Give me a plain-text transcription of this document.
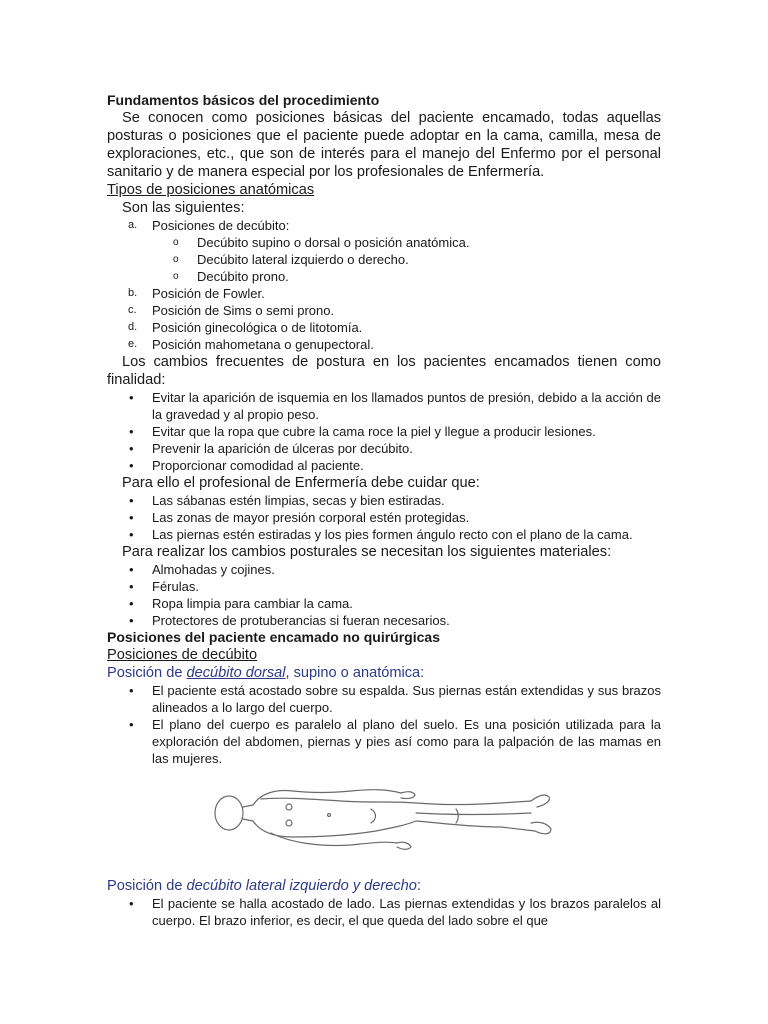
Fundamentos básicos del procedimiento

Se conocen como posiciones básicas del paciente encamado, todas aquellas posturas o posiciones que el paciente puede adoptar en la cama, camilla, mesa de exploraciones, etc., que son de interés para el manejo del Enfermo por el personal sanitario y de manera especial por los profesionales de Enfermería.

Tipos de posiciones anatómicas

Son las siguientes:

a. Posiciones de decúbito:
o Decúbito supino o dorsal o posición anatómica.
o Decúbito lateral izquierdo o derecho.
o Decúbito prono.
b. Posición de Fowler.
c. Posición de Sims o semi prono.
d. Posición ginecológica o de litotomía.
e. Posición mahometana o genupectoral.

Los cambios frecuentes de postura en los pacientes encamados tienen como finalidad:

• Evitar la aparición de isquemia en los llamados puntos de presión, debido a la acción de la gravedad y al propio peso.
• Evitar que la ropa que cubre la cama roce la piel y llegue a producir lesiones.
• Prevenir la aparición de úlceras por decúbito.
• Proporcionar comodidad al paciente.

Para ello el profesional de Enfermería debe cuidar que:

• Las sábanas estén limpias, secas y bien estiradas.
• Las zonas de mayor presión corporal estén protegidas.
• Las piernas estén estiradas y los pies formen ángulo recto con el plano de la cama.

Para realizar los cambios posturales se necesitan los siguientes materiales:

• Almohadas y cojines.
• Férulas.
• Ropa limpia para cambiar la cama.
• Protectores de protuberancias si fueran necesarios.

Posiciones del paciente encamado no quirúrgicas

Posiciones de decúbito

Posición de decúbito dorsal, supino o anatómica:

• El paciente está acostado sobre su espalda. Sus piernas están extendidas y sus brazos alineados a lo largo del cuerpo.
• El plano del cuerpo es paralelo al plano del suelo. Es una posición utilizada para la exploración del abdomen, piernas y pies así como para la palpación de las mamas en las mujeres.

Posición de decúbito lateral izquierdo y derecho:

• El paciente se halla acostado de lado. Las piernas extendidas y los brazos paralelos al cuerpo. El brazo inferior, es decir, el que queda del lado sobre el que
